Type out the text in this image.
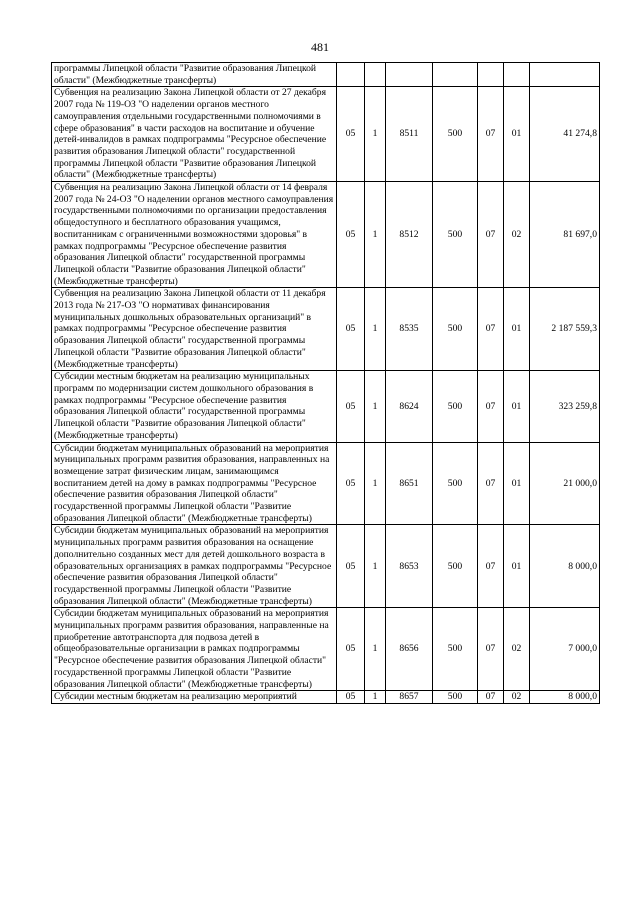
481
программы Липецкой области "Развитие образования Липецкой области" (Межбюджетные трансферты)							
Субвенция на реализацию Закона Липецкой области от 27 декабря 2007 года № 119-ОЗ "О наделении органов местного самоуправления отдельными государственными полномочиями в сфере образования" в части расходов на воспитание и обучение детей-инвалидов в рамках подпрограммы "Ресурсное обеспечение развития образования Липецкой области" государственной программы Липецкой области "Развитие образования Липецкой области" (Межбюджетные трансферты)	05	1	8511	500	07	01	41 274,8
Субвенция на реализацию Закона Липецкой области от 14 февраля 2007 года № 24-ОЗ "О наделении органов местного самоуправления государственными полномочиями по организации предоставления общедоступного и бесплатного образования учащимся, воспитанникам с ограниченными возможностями здоровья" в рамках подпрограммы "Ресурсное обеспечение развития образования Липецкой области" государственной программы Липецкой области "Развитие образования Липецкой области" (Межбюджетные трансферты)	05	1	8512	500	07	02	81 697,0
Субвенция на реализацию Закона Липецкой области от 11 декабря 2013 года № 217-ОЗ "О нормативах финансирования муниципальных дошкольных образовательных организаций" в рамках подпрограммы "Ресурсное обеспечение развития образования Липецкой области" государственной программы Липецкой области "Развитие образования Липецкой области" (Межбюджетные трансферты)	05	1	8535	500	07	01	2 187 559,3
Субсидии местным бюджетам на реализацию муниципальных программ по модернизации систем дошкольного образования в рамках подпрограммы "Ресурсное обеспечение развития образования Липецкой области" государственной программы Липецкой области "Развитие образования Липецкой области" (Межбюджетные трансферты)	05	1	8624	500	07	01	323 259,8
Субсидии бюджетам муниципальных образований на мероприятия муниципальных программ развития образования, направленных на возмещение затрат физическим лицам, занимающимся воспитанием детей на дому в рамках подпрограммы "Ресурсное обеспечение развития образования Липецкой области" государственной программы Липецкой области "Развитие образования Липецкой области" (Межбюджетные трансферты)	05	1	8651	500	07	01	21 000,0
Субсидии бюджетам муниципальных образований на мероприятия муниципальных программ развития образования на оснащение дополнительно созданных мест для детей дошкольного возраста в образовательных организациях в рамках подпрограммы "Ресурсное обеспечение развития образования Липецкой области" государственной программы Липецкой области "Развитие образования Липецкой области" (Межбюджетные трансферты)	05	1	8653	500	07	01	8 000,0
Субсидии бюджетам муниципальных образований на мероприятия муниципальных программ развития образования, направленные на приобретение автотранспорта для подвоза детей в общеобразовательные организации в рамках подпрограммы "Ресурсное обеспечение развития образования Липецкой области" государственной программы Липецкой области "Развитие образования Липецкой области" (Межбюджетные трансферты)	05	1	8656	500	07	02	7 000,0
Субсидии местным бюджетам на реализацию мероприятий	05	1	8657	500	07	02	8 000,0
